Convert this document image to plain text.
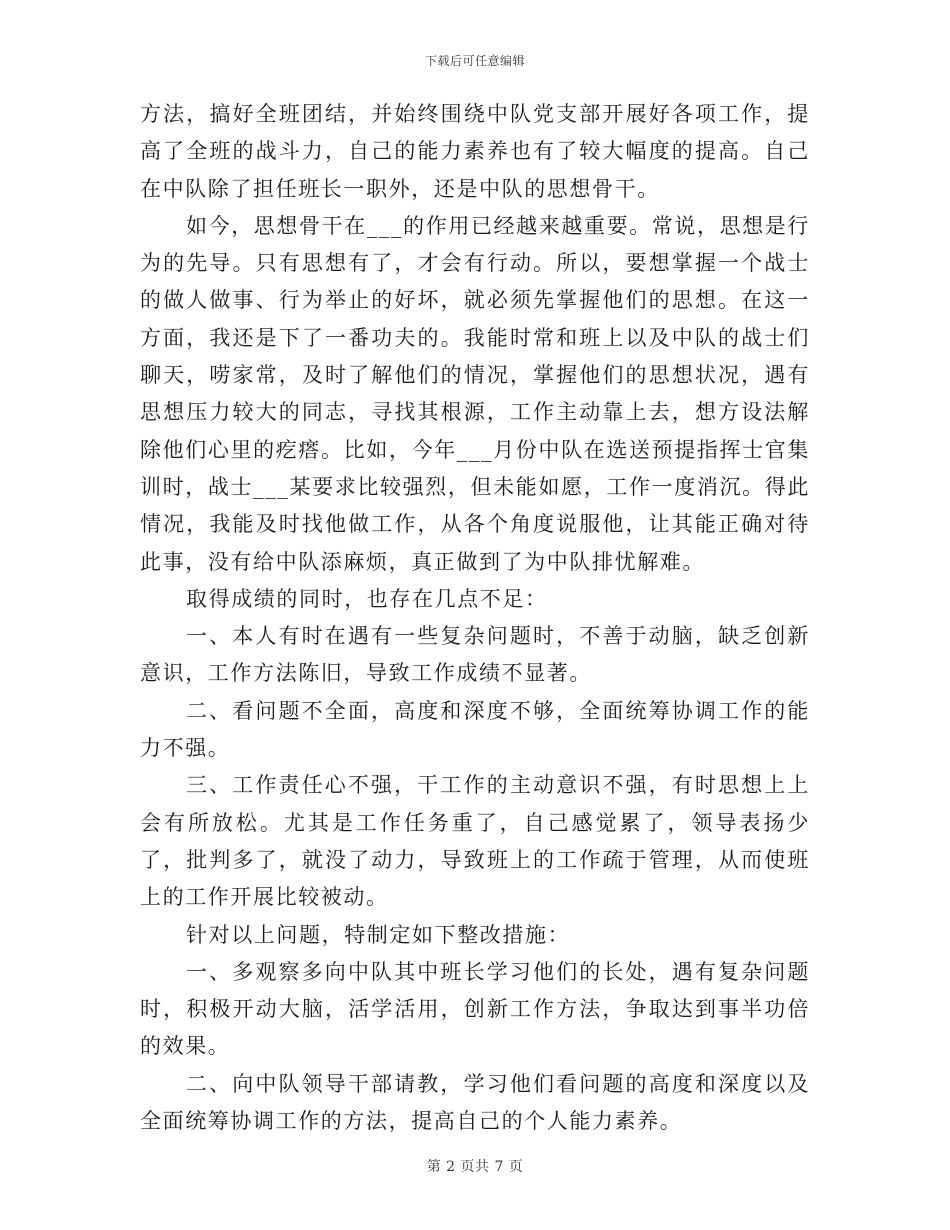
下载后可任意编辑

方法，搞好全班团结，并始终围绕中队党支部开展好各项工作，提高了全班的战斗力，自己的能力素养也有了较大幅度的提高。自己在中队除了担任班长一职外，还是中队的思想骨干。

如今，思想骨干在___的作用已经越来越重要。常说，思想是行为的先导。只有思想有了，才会有行动。所以，要想掌握一个战士的做人做事、行为举止的好坏，就必须先掌握他们的思想。在这一方面，我还是下了一番功夫的。我能时常和班上以及中队的战士们聊天，唠家常，及时了解他们的情况，掌握他们的思想状况，遇有思想压力较大的同志，寻找其根源，工作主动靠上去，想方设法解除他们心里的疙瘩。比如，今年___月份中队在选送预提指挥士官集训时，战士___某要求比较强烈，但未能如愿，工作一度消沉。得此情况，我能及时找他做工作，从各个角度说服他，让其能正确对待此事，没有给中队添麻烦，真正做到了为中队排忧解难。

取得成绩的同时，也存在几点不足：

一、本人有时在遇有一些复杂问题时，不善于动脑，缺乏创新意识，工作方法陈旧，导致工作成绩不显著。

二、看问题不全面，高度和深度不够，全面统筹协调工作的能力不强。

三、工作责任心不强，干工作的主动意识不强，有时思想上上会有所放松。尤其是工作任务重了，自己感觉累了，领导表扬少了，批判多了，就没了动力，导致班上的工作疏于管理，从而使班上的工作开展比较被动。

针对以上问题，特制定如下整改措施：

一、多观察多向中队其中班长学习他们的长处，遇有复杂问题时，积极开动大脑，活学活用，创新工作方法，争取达到事半功倍的效果。

二、向中队领导干部请教，学习他们看问题的高度和深度以及全面统筹协调工作的方法，提高自己的个人能力素养。

第 2 页共 7 页
